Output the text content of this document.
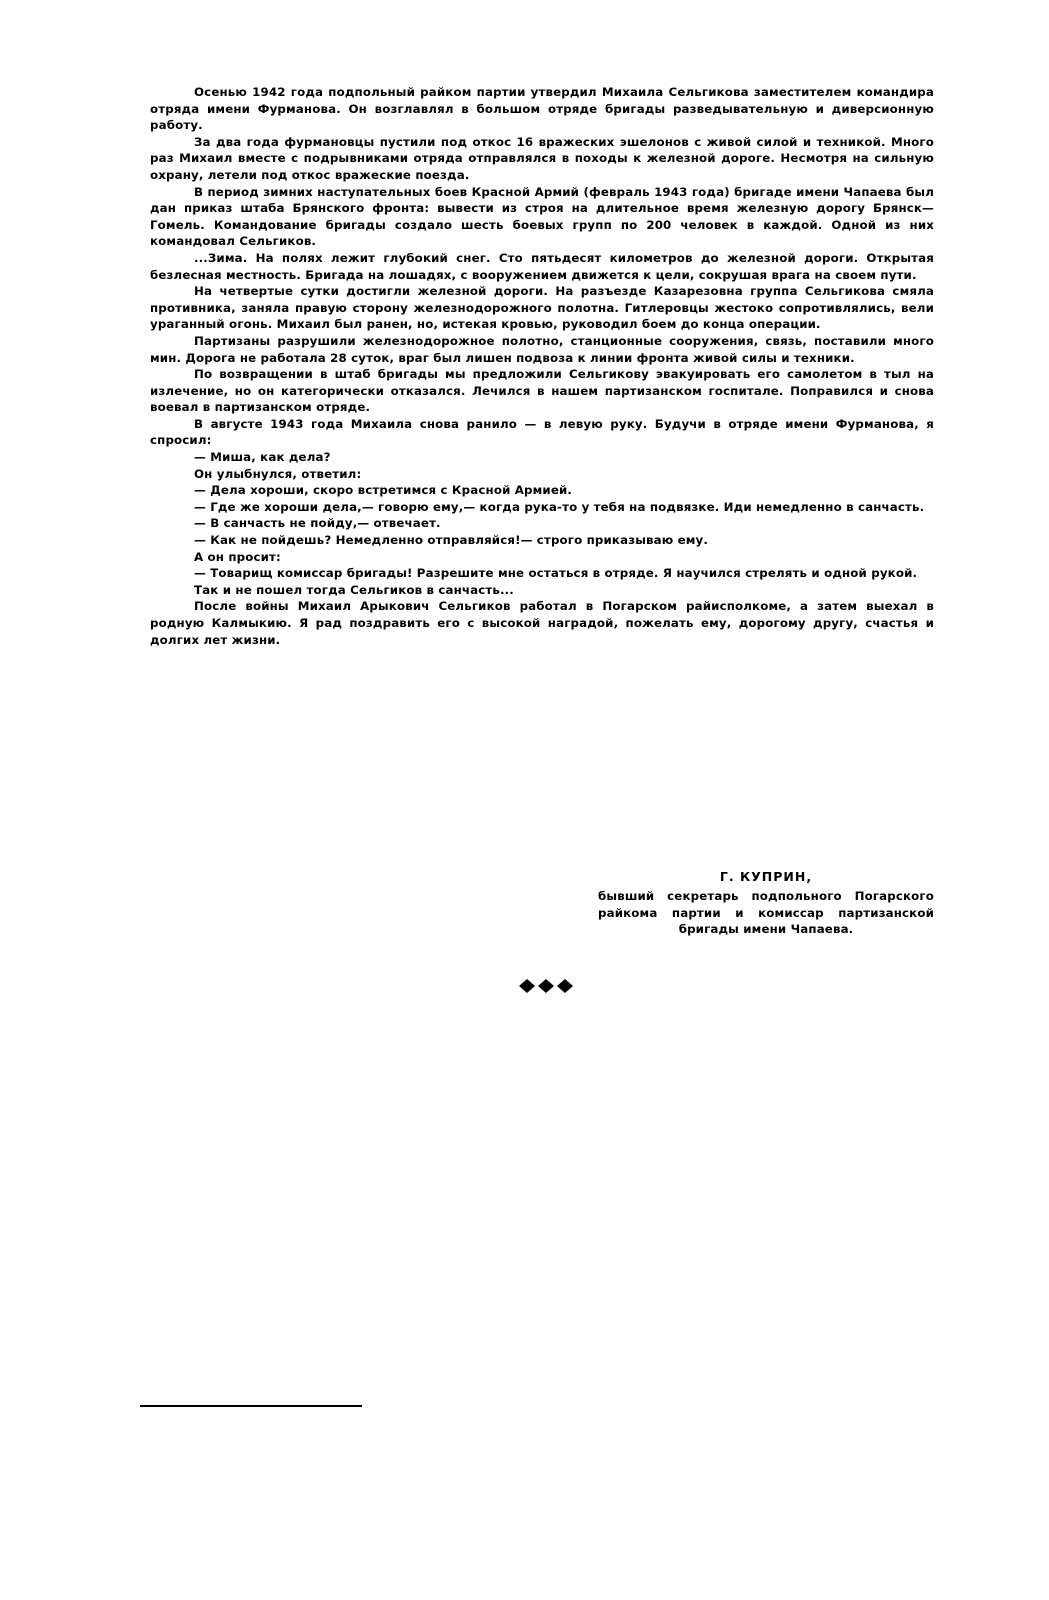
Осенью 1942 года подпольный райком партии утвердил Михаила Сельгикова заместителем командира отряда имени Фурманова. Он возглавлял в большом отряде бригады разведывательную и диверсионную работу.

За два года фурмановцы пустили под откос 16 вражеских эшелонов с живой силой и техникой. Много раз Михаил вместе с подрывниками отряда отправлялся в походы к железной дороге. Несмотря на сильную охрану, летели под откос вражеские поезда.

В период зимних наступательных боев Красной Армий (февраль 1943 года) бригаде имени Чапаева был дан приказ штаба Брянского фронта: вывести из строя на длительное время железную дорогу Брянск—Гомель. Командование бригады создало шесть боевых групп по 200 человек в каждой. Одной из них командовал Сельгиков.

...Зима. На полях лежит глубокий снег. Сто пятьдесят километров до железной дороги. Открытая безлесная местность. Бригада на лошадях, с вооружением движется к цели, сокрушая врага на своем пути.

На четвертые сутки достигли железной дороги. На разъезде Казарезовна группа Сельгикова смяла противника, заняла правую сторону железнодорожного полотна. Гитлеровцы жестоко сопротивлялись, вели ураганный огонь. Михаил был ранен, но, истекая кровью, руководил боем до конца операции.

Партизаны разрушили железнодорожное полотно, станционные сооружения, связь, поставили много мин. Дорога не работала 28 суток, враг был лишен подвоза к линии фронта живой силы и техники.

По возвращении в штаб бригады мы предложили Сельгикову эвакуировать его самолетом в тыл на излечение, но он категорически отказался. Лечился в нашем партизанском госпитале. Поправился и снова воевал в партизанском отряде.

В августе 1943 года Михаила снова ранило — в левую руку. Будучи в отряде имени Фурманова, я спросил:

— Миша, как дела?

Он улыбнулся, ответил:

— Дела хороши, скоро встретимся с Красной Армией.

— Где же хороши дела,— говорю ему,— когда рука-то у тебя на подвязке. Иди немедленно в санчасть.

— В санчасть не пойду,— отвечает.

— Как не пойдешь? Немедленно отправляйся!— строго приказываю ему.

А он просит:

— Товарищ комиссар бригады! Разрешите мне остаться в отряде. Я научился стрелять и одной рукой.

Так и не пошел тогда Сельгиков в санчасть...

После войны Михаил Арыкович Сельгиков работал в Погарском райисполкоме, а затем выехал в родную Калмыкию. Я рад поздравить его с высокой наградой, пожелать ему, дорогому другу, счастья и долгих лет жизни.

Г. КУПРИН,

бывший секретарь подпольного Погарского райкома партии и комиссар партизанской бригады имени Чапаева.
